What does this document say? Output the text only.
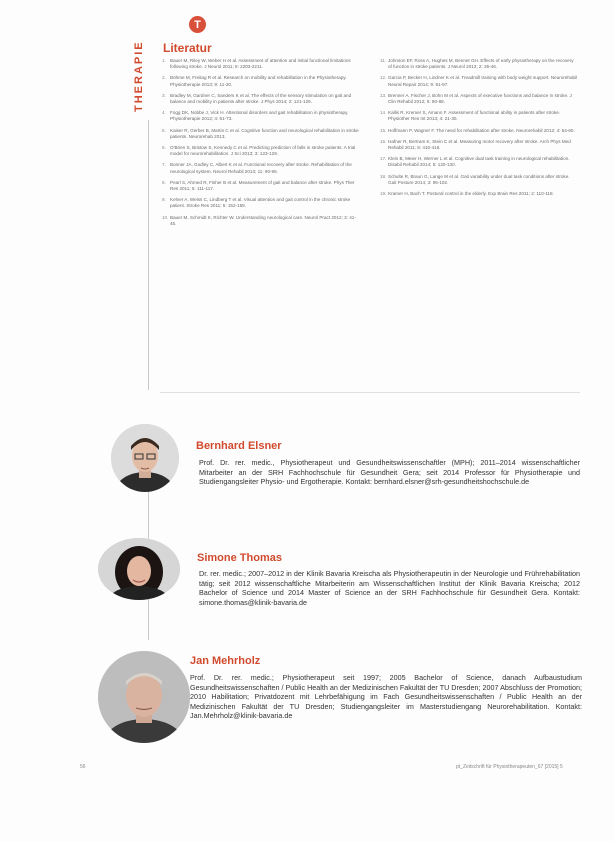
THERAPIE
T
Literatur
1. Bauer M, Riley W, Weber H et al. Assessment of attention and initial functional limitations following stroke. J Neurol 2011; 8: 2203-2211.
2. Böhme M, Freitag R et al. Research on mobility and rehabilitation in the Physiotherapy. Physiotherapie 2013; 9: 11-20.
3. Bradley M, Gardner C, Sanders K et al. The effects of the sensory stimulation on gait and balance and mobility in patients after stroke. J Phys 2014; 2: 121-126.
4. Fogg DK, Nobbe J, Vick H. Attentional disorders and gait rehabilitation in physiotherapy. Physiotherapie 2012; 4: 61-73.
5. Kaiser R, Gerber B, Martin C et al. Cognitive function and neurological rehabilitation in stroke patients. Neurorehab 2013.
6. O'Brien S, Bristow S, Kennedy C et al. Predicting prediction of falls in stroke patients. A trial model for neurorehabilitation. J Sci 2013; 3: 123-129.
7. Bonner JA, Godley C, Albert K et al. Functional recovery after stroke. Rehabilitation of the neurological system. Neurol Rehabil 2013; 11: 90-96.
8. Pearl S, Ahmed R, Fisher B et al. Measurement of gait and balance after stroke. Phys Ther Res 2011; 5: 111-117.
9. Kelner A, Weiss C, Lindberg T et al. Visual attention and gait control in the chronic stroke patient. Stroke Res 2011; 5: 152-159.
10. Bauer M, Schmidt K, Richter W. Understanding neurological care. Neurol Pract 2012; 3: 41-45.
11. Johnson EF, Ross A, Hughes M, Bennet GH. Effects of early physiotherapy on the recovery of function in stroke patients. J Neurol 2013; 2: 35-46.
12. Garcia P, Becker H, Lindner K et al. Treadmill training with body weight support. Neurorehabil Neural Repair 2014; 9: 91-97.
13. Brenner A, Fischer J, Bohn M et al. Aspects of executive functions and balance in stroke. J Clin Rehabil 2012; 6: 80-88.
14. Kallis R, Kremer S, Amann F. Assessment of functional ability in patients after stroke. Physiother Res Int 2013; 4: 21-30.
15. Hoffmann P, Wagner F. The need for rehabilitation after stroke. Neurorehabil 2012; 4: 54-60.
16. Hafner R, Bertram K, Stein C et al. Measuring motor recovery after stroke. Arch Phys Med Rehabil 2011; 8: 410-418.
17. Klein B, Meier H, Werner L et al. Cognitive dual task training in neurological rehabilitation. Disabil Rehabil 2014; 5: 120-130.
18. Schulte R, Braun G, Lange M et al. Gait variability under dual task conditions after stroke. Gait Posture 2014; 3: 95-102.
19. Kramer H, Bach T. Postural control in the elderly. Exp Brain Res 2011; 2: 110-118.
Bernhard Elsner
Prof. Dr. rer. medic., Physiotherapeut und Gesundheitswissenschaftler (MPH); 2011–2014 wissenschaftlicher Mitarbeiter an der SRH Fachhochschule für Gesundheit Gera; seit 2014 Professor für Physiotherapie und Studiengangsleiter Physio- und Ergotherapie. Kontakt: bernhard.elsner@srh-gesundheitshochschule.de
Simone Thomas
Dr. rer. medic.; 2007–2012 in der Klinik Bavaria Kreischa als Physiotherapeutin in der Neurologie und Frührehabilitation tätig; seit 2012 wissenschaftliche Mitarbeiterin am Wissenschaftlichen Institut der Klinik Bavaria Kreischa; 2012 Bachelor of Science und 2014 Master of Science an der SRH Fachhochschule für Gesundheit Gera. Kontakt: simone.thomas@klinik-bavaria.de
Jan Mehrholz
Prof. Dr. rer. medic.; Physiotherapeut seit 1997; 2005 Bachelor of Science, danach Aufbaustudium Gesundheitswissenschaften / Public Health an der Medizinischen Fakultät der TU Dresden; 2007 Abschluss der Promotion; 2010 Habilitation; Privatdozent mit Lehrbefähigung im Fach Gesundheitswissenschaften / Public Health an der Medizinischen Fakultät der TU Dresden; Studiengangsleiter im Masterstudiengang Neurorehabilitation. Kontakt: Jan.Mehrholz@klinik-bavaria.de
56	pt_Zeitschrift für Physiotherapeuten_67 [2015] 5
